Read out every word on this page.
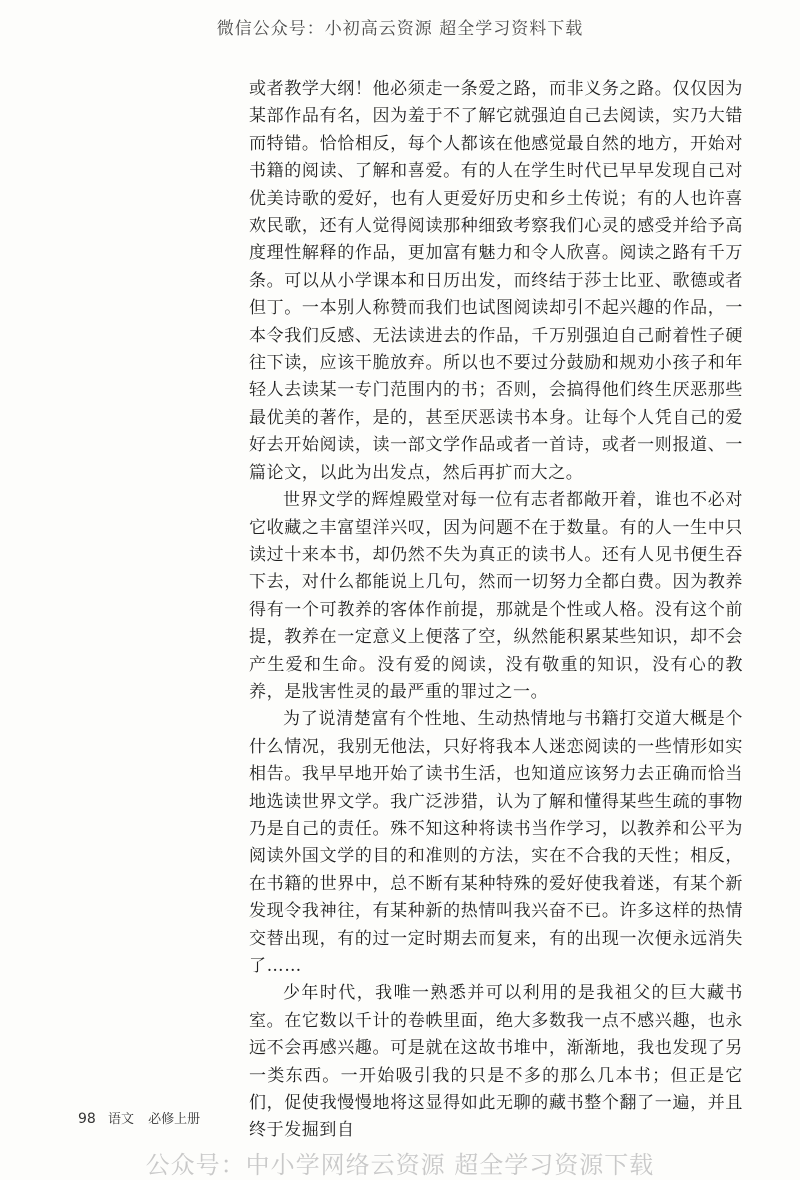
微信公众号：小初高云资源 超全学习资料下载

或者教学大纲！他必须走一条爱之路，而非义务之路。仅仅因为某部作品有名，因为羞于不了解它就强迫自己去阅读，实乃大错而特错。恰恰相反，每个人都该在他感觉最自然的地方，开始对书籍的阅读、了解和喜爱。有的人在学生时代已早早发现自己对优美诗歌的爱好，也有人更爱好历史和乡土传说；有的人也许喜欢民歌，还有人觉得阅读那种细致考察我们心灵的感受并给予高度理性解释的作品，更加富有魅力和令人欣喜。阅读之路有千万条。可以从小学课本和日历出发，而终结于莎士比亚、歌德或者但丁。一本别人称赞而我们也试图阅读却引不起兴趣的作品，一本令我们反感、无法读进去的作品，千万别强迫自己耐着性子硬往下读，应该干脆放弃。所以也不要过分鼓励和规劝小孩子和年轻人去读某一专门范围内的书；否则，会搞得他们终生厌恶那些最优美的著作，是的，甚至厌恶读书本身。让每个人凭自己的爱好去开始阅读，读一部文学作品或者一首诗，或者一则报道、一篇论文，以此为出发点，然后再扩而大之。

世界文学的辉煌殿堂对每一位有志者都敞开着，谁也不必对它收藏之丰富望洋兴叹，因为问题不在于数量。有的人一生中只读过十来本书，却仍然不失为真正的读书人。还有人见书便生吞下去，对什么都能说上几句，然而一切努力全都白费。因为教养得有一个可教养的客体作前提，那就是个性或人格。没有这个前提，教养在一定意义上便落了空，纵然能积累某些知识，却不会产生爱和生命。没有爱的阅读，没有敬重的知识，没有心的教养，是戕害性灵的最严重的罪过之一。

为了说清楚富有个性地、生动热情地与书籍打交道大概是个什么情况，我别无他法，只好将我本人迷恋阅读的一些情形如实相告。我早早地开始了读书生活，也知道应该努力去正确而恰当地选读世界文学。我广泛涉猎，认为了解和懂得某些生疏的事物乃是自己的责任。殊不知这种将读书当作学习，以教养和公平为阅读外国文学的目的和准则的方法，实在不合我的天性；相反，在书籍的世界中，总不断有某种特殊的爱好使我着迷，有某个新发现令我神往，有某种新的热情叫我兴奋不已。许多这样的热情交替出现，有的过一定时期去而复来，有的出现一次便永远消失了……

少年时代，我唯一熟悉并可以利用的是我祖父的巨大藏书室。在它数以千计的卷帙里面，绝大多数我一点不感兴趣，也永远不会再感兴趣。可是就在这故书堆中，渐渐地，我也发现了另一类东西。一开始吸引我的只是不多的那么几本书；但正是它们，促使我慢慢地将这显得如此无聊的藏书整个翻了一遍，并且终于发掘到自

98 语文 必修上册
公众号：中小学网络云资源 超全学习资源下载
